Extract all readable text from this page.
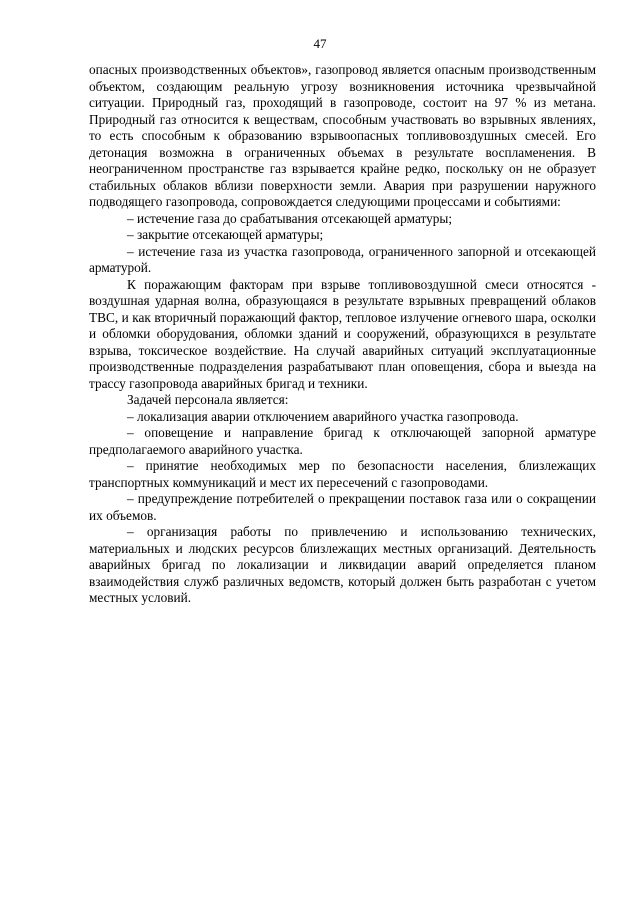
47

опасных производственных объектов», газопровод является опасным производственным объектом, создающим реальную угрозу возникновения источника чрезвычайной ситуации. Природный газ, проходящий в газопроводе, состоит на 97 % из метана. Природный газ относится к веществам, способным участвовать во взрывных явлениях, то есть способным к образованию взрывоопасных топливовоздушных смесей. Его детонация возможна в ограниченных объемах в результате воспламенения. В неограниченном пространстве газ взрывается крайне редко, поскольку он не образует стабильных облаков вблизи поверхности земли. Авария при разрушении наружного подводящего газопровода, сопровождается следующими процессами и событиями:

– истечение газа до срабатывания отсекающей арматуры;

– закрытие отсекающей арматуры;

– истечение газа из участка газопровода, ограниченного запорной и отсекающей арматурой.

К поражающим факторам при взрыве топливовоздушной смеси относятся - воздушная ударная волна, образующаяся в результате взрывных превращений облаков ТВС, и как вторичный поражающий фактор, тепловое излучение огневого шара, осколки и обломки оборудования, обломки зданий и сооружений, образующихся в результате взрыва, токсическое воздействие. На случай аварийных ситуаций эксплуатационные производственные подразделения разрабатывают план оповещения, сбора и выезда на трассу газопровода аварийных бригад и техники.

Задачей персонала является:

– локализация аварии отключением аварийного участка газопровода.

– оповещение и направление бригад к отключающей запорной арматуре предполагаемого аварийного участка.

– принятие необходимых мер по безопасности населения, близлежащих транспортных коммуникаций и мест их пересечений с газопроводами.

– предупреждение потребителей о прекращении поставок газа или о сокращении их объемов.

– организация работы по привлечению и использованию технических, материальных и людских ресурсов близлежащих местных организаций. Деятельность аварийных бригад по локализации и ликвидации аварий определяется планом взаимодействия служб различных ведомств, который должен быть разработан с учетом местных условий.
